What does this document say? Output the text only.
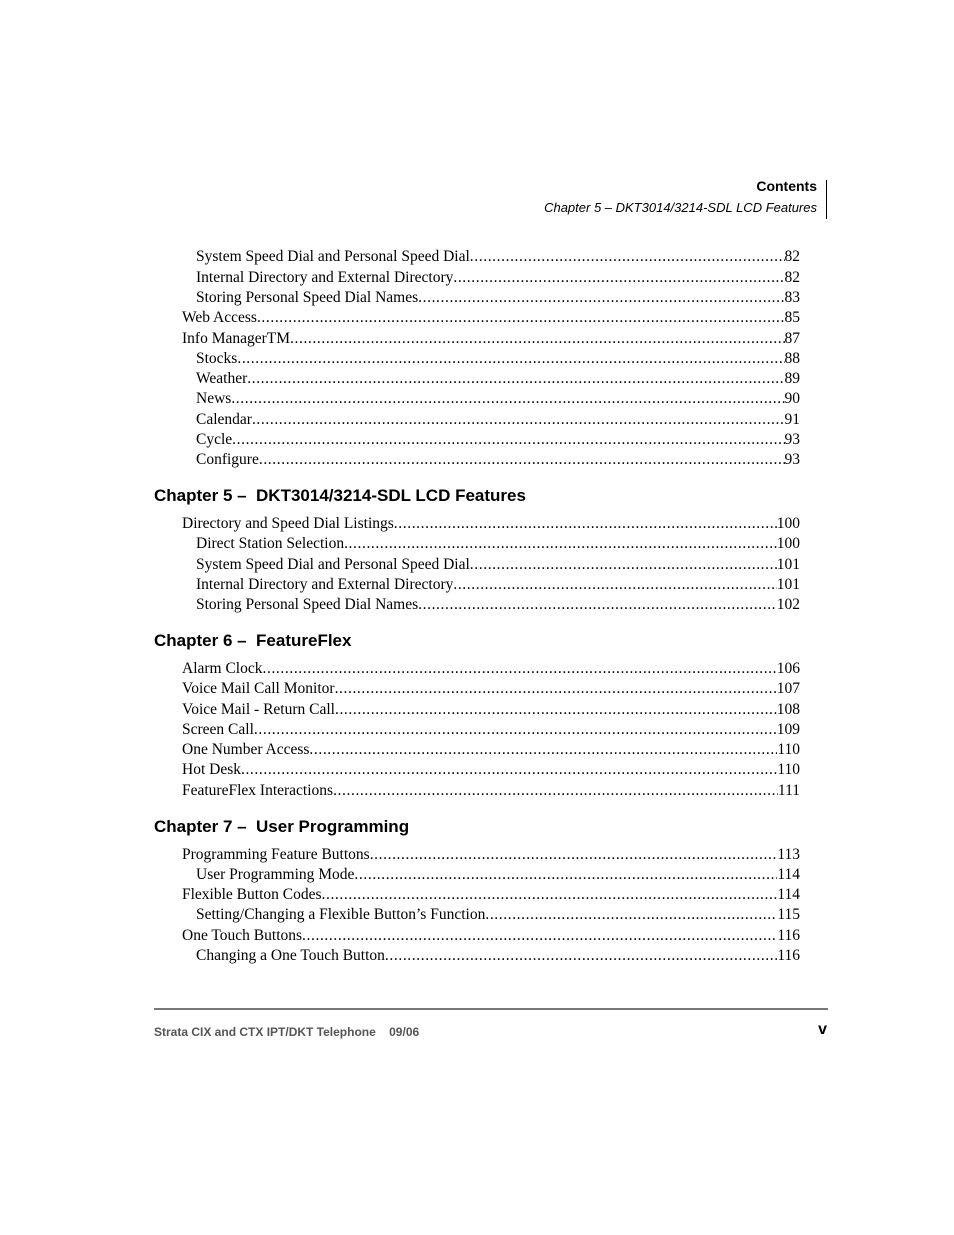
Contents
Chapter 5 – DKT3014/3214-SDL LCD Features
System Speed Dial and Personal Speed Dial .....	82
Internal Directory and External Directory .....	82
Storing Personal Speed Dial Names .....	83
Web Access .....	85
Info ManagerTM .....	87
Stocks .....	88
Weather .....	89
News .....	90
Calendar .....	91
Cycle .....	93
Configure .....	93
Chapter 5 –  DKT3014/3214-SDL LCD Features
Directory and Speed Dial Listings .....	100
Direct Station Selection .....	100
System Speed Dial and Personal Speed Dial .....	101
Internal Directory and External Directory .....	101
Storing Personal Speed Dial Names .....	102
Chapter 6 –  FeatureFlex
Alarm Clock .....	106
Voice Mail Call Monitor .....	107
Voice Mail - Return Call .....	108
Screen Call .....	109
One Number Access .....	110
Hot Desk .....	110
FeatureFlex Interactions .....	111
Chapter 7 –  User Programming
Programming Feature Buttons .....	113
User Programming Mode .....	114
Flexible Button Codes .....	114
Setting/Changing a Flexible Button’s Function .....	115
One Touch Buttons .....	116
Changing a One Touch Button .....	116
Strata CIX and CTX IPT/DKT Telephone    09/06	v
